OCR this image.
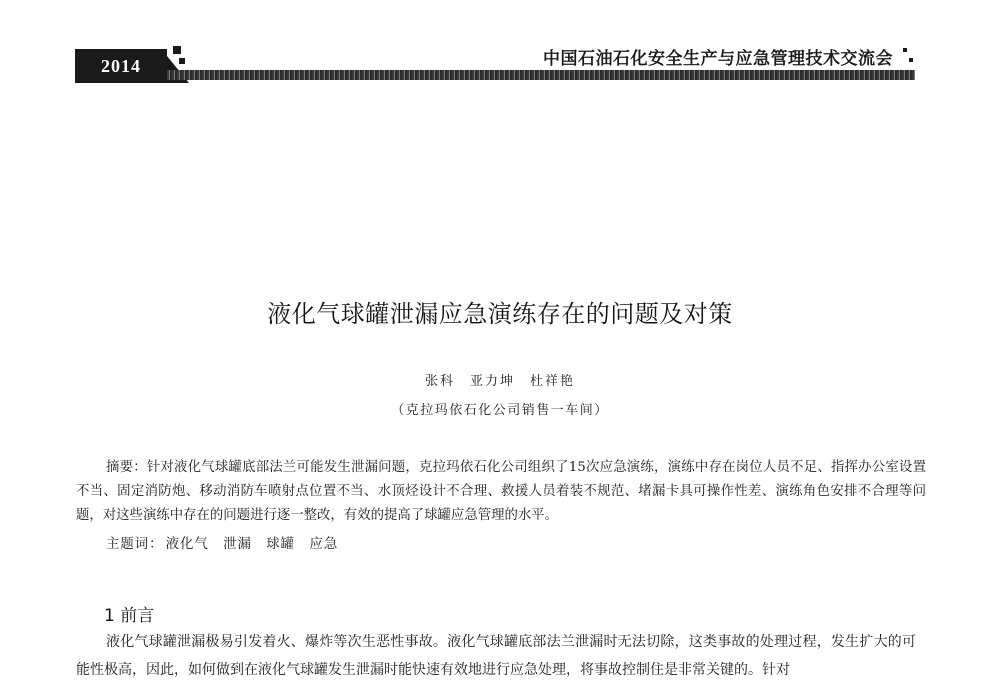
2014	中国石油石化安全生产与应急管理技术交流会
液化气球罐泄漏应急演练存在的问题及对策
张科　亚力坤　杜祥艳
（克拉玛依石化公司销售一车间）
摘要：针对液化气球罐底部法兰可能发生泄漏问题，克拉玛依石化公司组织了15次应急演练，演练中存在岗位人员不足、指挥办公室设置不当、固定消防炮、移动消防车喷射点位置不当、水顶烃设计不合理、救援人员着装不规范、堵漏卡具可操作性差、演练角色安排不合理等问题，对这些演练中存在的问题进行逐一整改，有效的提高了球罐应急管理的水平。
主题词： 液化气　泄漏　球罐　应急
1 前言
液化气球罐泄漏极易引发着火、爆炸等次生恶性事故。液化气球罐底部法兰泄漏时无法切除，这类事故的处理过程，发生扩大的可能性极高，因此，如何做到在液化气球罐发生泄漏时能快速有效地进行应急处理，将事故控制住是非常关键的。针对
